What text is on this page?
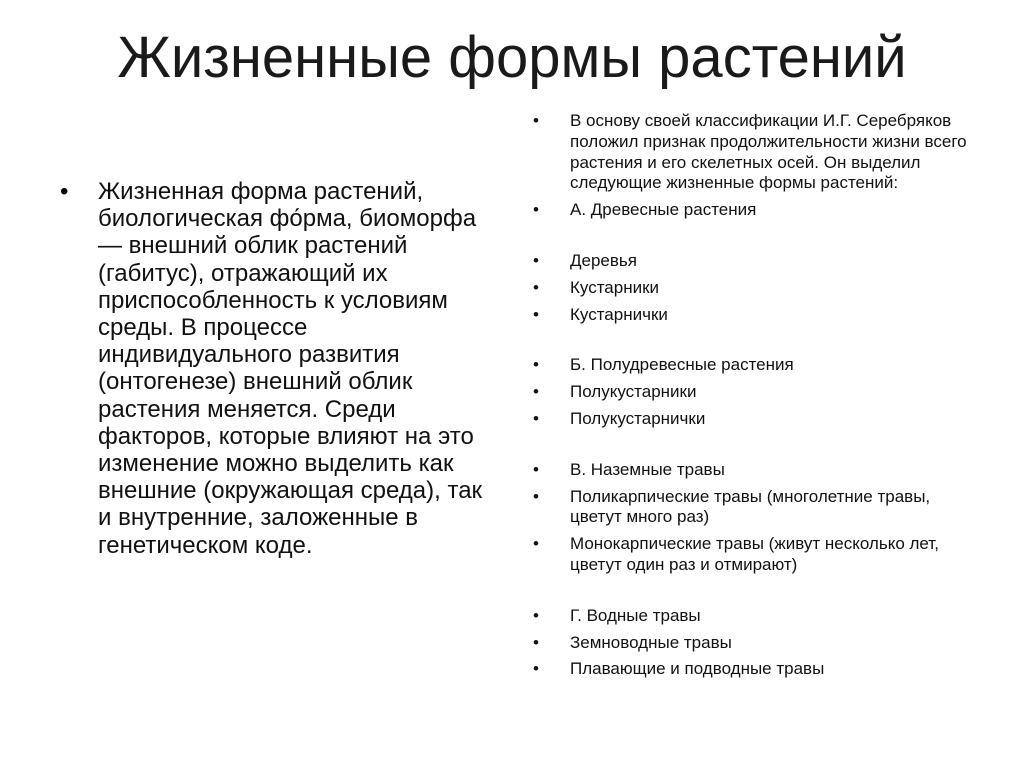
Жизненные формы растений
•	Жизненная форма растений, биологическая фо́рма, биоморфа — внешний облик растений (габитус), отражающий их приспособленность к условиям среды. В процессе индивидуального развития (онтогенезе) внешний облик растения меняется. Среди факторов, которые влияют на это изменение можно выделить как внешние (окружающая среда), так и внутренние, заложенные в генетическом коде.
•	В основу своей классификации И.Г. Серебряков положил признак продолжительности жизни всего растения и его скелетных осей. Он выделил следующие жизненные формы растений:
•	А. Древесные растения
•	Деревья
•	Кустарники
•	Кустарнички
•	Б. Полудревесные растения
•	Полукустарники
•	Полукустарнички
•	В. Наземные травы
•	Поликарпические травы (многолетние травы, цветут много раз)
•	Монокарпические травы (живут несколько лет, цветут один раз и отмирают)
•	Г. Водные травы
•	Земноводные травы
•	Плавающие и подводные травы
